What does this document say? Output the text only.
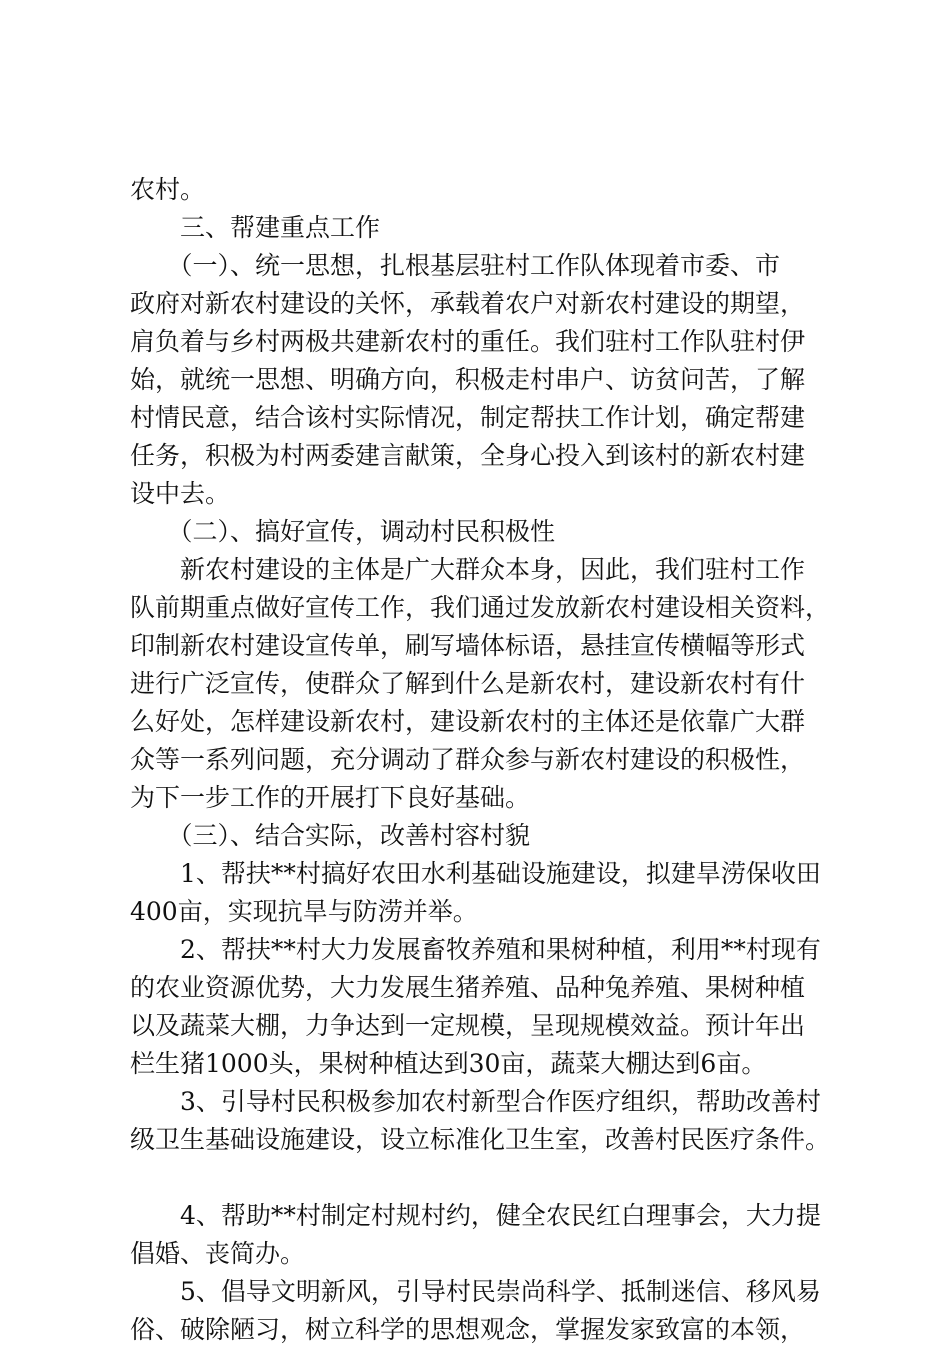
农村。
　　三、帮建重点工作
　　（一）、统一思想，扎根基层驻村工作队体现着市委、市
政府对新农村建设的关怀，承载着农户对新农村建设的期望，
肩负着与乡村两极共建新农村的重任。我们驻村工作队驻村伊
始，就统一思想、明确方向，积极走村串户、访贫问苦，了解
村情民意，结合该村实际情况，制定帮扶工作计划，确定帮建
任务，积极为村两委建言献策，全身心投入到该村的新农村建
设中去。
　　（二）、搞好宣传，调动村民积极性
　　新农村建设的主体是广大群众本身，因此，我们驻村工作
队前期重点做好宣传工作，我们通过发放新农村建设相关资料，
印制新农村建设宣传单，刷写墙体标语，悬挂宣传横幅等形式
进行广泛宣传，使群众了解到什么是新农村，建设新农村有什
么好处，怎样建设新农村，建设新农村的主体还是依靠广大群
众等一系列问题，充分调动了群众参与新农村建设的积极性，
为下一步工作的开展打下良好基础。
　　（三）、结合实际，改善村容村貌
　　1、帮扶**村搞好农田水利基础设施建设，拟建旱涝保收田
400亩，实现抗旱与防涝并举。
　　2、帮扶**村大力发展畜牧养殖和果树种植，利用**村现有
的农业资源优势，大力发展生猪养殖、品种兔养殖、果树种植
以及蔬菜大棚，力争达到一定规模，呈现规模效益。预计年出
栏生猪1000头，果树种植达到30亩，蔬菜大棚达到6亩。
　　3、引导村民积极参加农村新型合作医疗组织，帮助改善村
级卫生基础设施建设，设立标准化卫生室，改善村民医疗条件。
　　4、帮助**村制定村规村约，健全农民红白理事会，大力提
倡婚、丧简办。
　　5、倡导文明新风，引导村民崇尚科学、抵制迷信、移风易
俗、破除陋习，树立科学的思想观念，掌握发家致富的本领，
